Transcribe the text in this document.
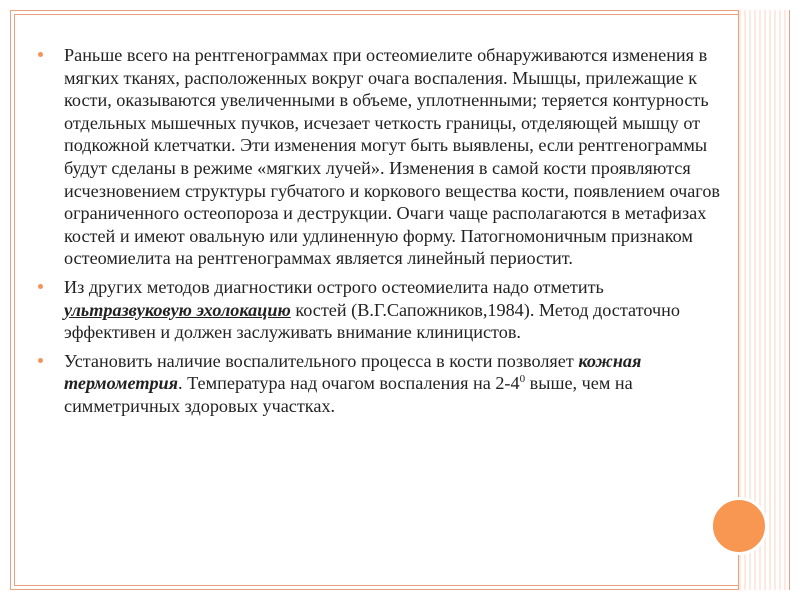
Раньше всего на рентгенограммах при остеомиелите обнаруживаются изменения в мягких тканях, расположенных вокруг очага воспаления. Мышцы, прилежащие к кости, оказываются увеличенными в объеме, уплотненными; теряется контурность отдельных мышечных пучков, исчезает четкость границы, отделяющей мышцу от подкожной клетчатки. Эти изменения могут быть выявлены, если рентгенограммы будут сделаны в режиме «мягких лучей». Изменения в самой кости проявляются исчезновением структуры губчатого и коркового вещества кости, появлением очагов ограниченного остеопороза и деструкции. Очаги чаще располагаются в метафизах костей и имеют овальную или удлиненную форму. Патогномоничным признаком остеомиелита на рентгенограммах является линейный периостит.
Из других методов диагностики острого остеомиелита надо отметить ультразвуковую эхолокацию костей (В.Г.Сапожников,1984). Метод достаточно эффективен и должен заслуживать внимание клиницистов.
Установить наличие воспалительного процесса в кости позволяет кожная термометрия. Температура над очагом воспаления на $2-4^0$ выше, чем на симметричных здоровых участках.
